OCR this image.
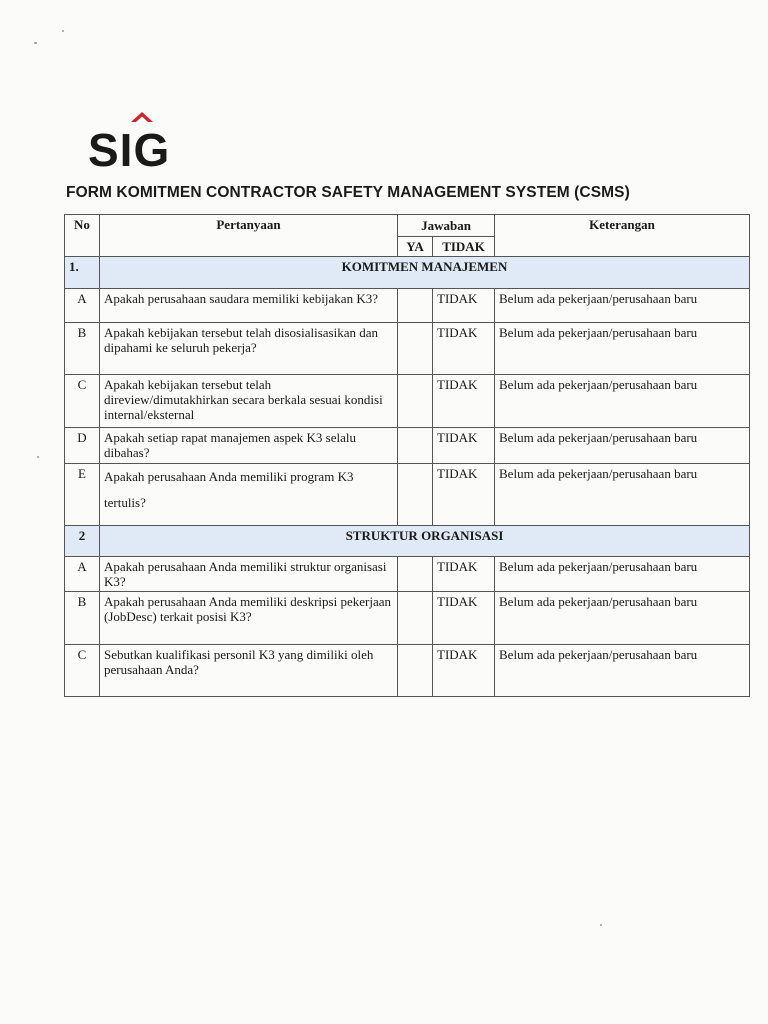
SIG
FORM KOMITMEN CONTRACTOR SAFETY MANAGEMENT SYSTEM (CSMS)
No	Pertanyaan	Jawaban		Keterangan
		YA	TIDAK	
1.	KOMITMEN MANAJEMEN			
A	Apakah perusahaan saudara memiliki kebijakan K3?		TIDAK	Belum ada pekerjaan/perusahaan baru
B	Apakah kebijakan tersebut telah disosialisasikan dan dipahami ke seluruh pekerja?		TIDAK	Belum ada pekerjaan/perusahaan baru
C	Apakah kebijakan tersebut telah direview/dimutakhirkan secara berkala sesuai kondisi internal/eksternal		TIDAK	Belum ada pekerjaan/perusahaan baru
D	Apakah setiap rapat manajemen aspek K3 selalu dibahas?		TIDAK	Belum ada pekerjaan/perusahaan baru
E	Apakah perusahaan Anda memiliki program K3 tertulis?		TIDAK	Belum ada pekerjaan/perusahaan baru
2	STRUKTUR ORGANISASI			
A	Apakah perusahaan Anda memiliki struktur organisasi K3?		TIDAK	Belum ada pekerjaan/perusahaan baru
B	Apakah perusahaan Anda memiliki deskripsi pekerjaan (JobDesc) terkait posisi K3?		TIDAK	Belum ada pekerjaan/perusahaan baru
C	Sebutkan kualifikasi personil K3 yang dimiliki oleh perusahaan Anda?		TIDAK	Belum ada pekerjaan/perusahaan baru
